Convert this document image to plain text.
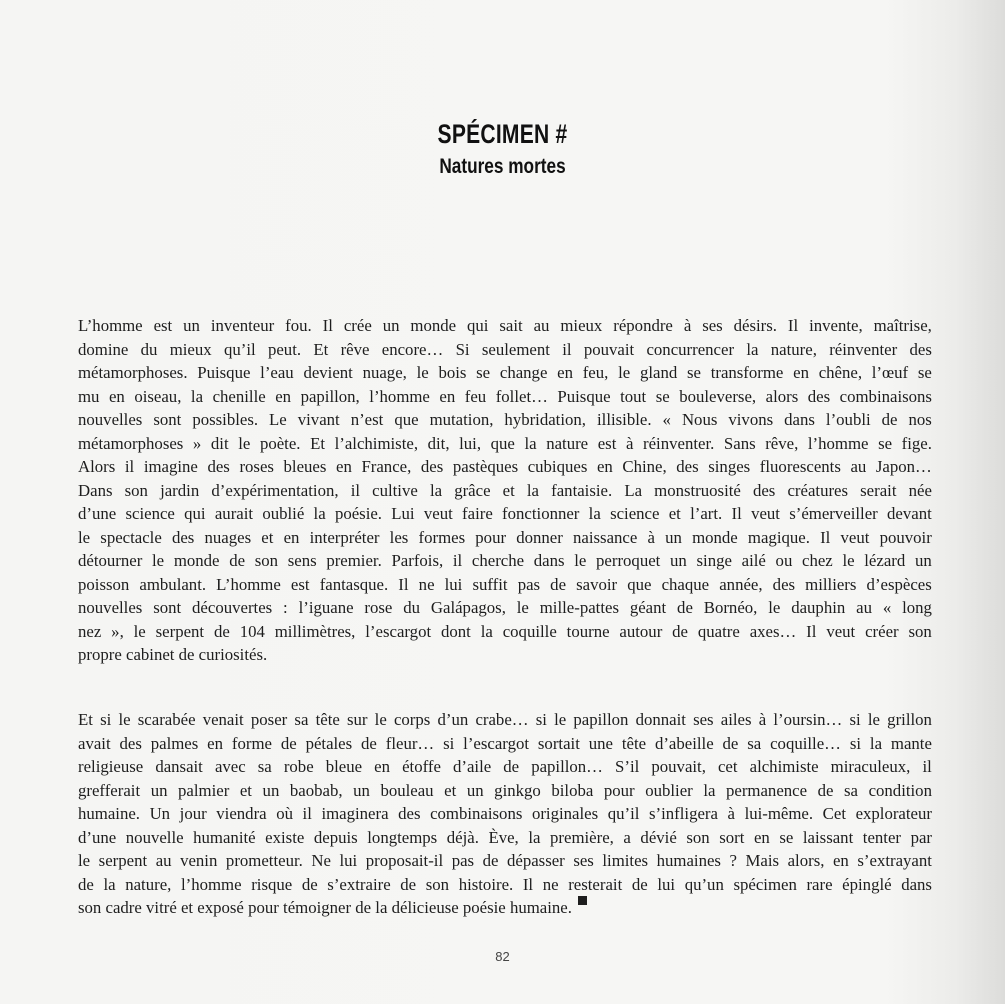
SPÉCIMEN #
Natures mortes
L’homme est un inventeur fou. Il crée un monde qui sait au mieux répondre à ses désirs. Il invente, maîtrise,
domine du mieux qu’il peut. Et rêve encore… Si seulement il pouvait concurrencer la nature, réinventer des
métamorphoses. Puisque l’eau devient nuage, le bois se change en feu, le gland se transforme en chêne, l’œuf se
mu en oiseau, la chenille en papillon, l’homme en feu follet… Puisque tout se bouleverse, alors des combinaisons
nouvelles sont possibles. Le vivant n’est que mutation, hybridation, illisible. « Nous vivons dans l’oubli de nos
métamorphoses » dit le poète. Et l’alchimiste, dit, lui, que la nature est à réinventer. Sans rêve, l’homme se fige.
Alors il imagine des roses bleues en France, des pastèques cubiques en Chine, des singes fluorescents au Japon…
Dans son jardin d’expérimentation, il cultive la grâce et la fantaisie. La monstruosité des créatures serait née
d’une science qui aurait oublié la poésie. Lui veut faire fonctionner la science et l’art. Il veut s’émerveiller devant
le spectacle des nuages et en interpréter les formes pour donner naissance à un monde magique. Il veut pouvoir
détourner le monde de son sens premier. Parfois, il cherche dans le perroquet un singe ailé ou chez le lézard un
poisson ambulant. L’homme est fantasque. Il ne lui suffit pas de savoir que chaque année, des milliers d’espèces
nouvelles sont découvertes : l’iguane rose du Galápagos, le mille-pattes géant de Bornéo, le dauphin au « long
nez », le serpent de 104 millimètres, l’escargot dont la coquille tourne autour de quatre axes… Il veut créer son
propre cabinet de curiosités.
Et si le scarabée venait poser sa tête sur le corps d’un crabe… si le papillon donnait ses ailes à l’oursin… si le grillon
avait des palmes en forme de pétales de fleur… si l’escargot sortait une tête d’abeille de sa coquille… si la mante
religieuse dansait avec sa robe bleue en étoffe d’aile de papillon… S’il pouvait, cet alchimiste miraculeux, il
grefferait un palmier et un baobab, un bouleau et un ginkgo biloba pour oublier la permanence de sa condition
humaine. Un jour viendra où il imaginera des combinaisons originales qu’il s’infligera à lui-même. Cet explorateur
d’une nouvelle humanité existe depuis longtemps déjà. Ève, la première, a dévié son sort en se laissant tenter par
le serpent au venin prometteur. Ne lui proposait-il pas de dépasser ses limites humaines ? Mais alors, en s’extrayant
de la nature, l’homme risque de s’extraire de son histoire. Il ne resterait de lui qu’un spécimen rare épinglé dans
son cadre vitré et exposé pour témoigner de la délicieuse poésie humaine.
82
